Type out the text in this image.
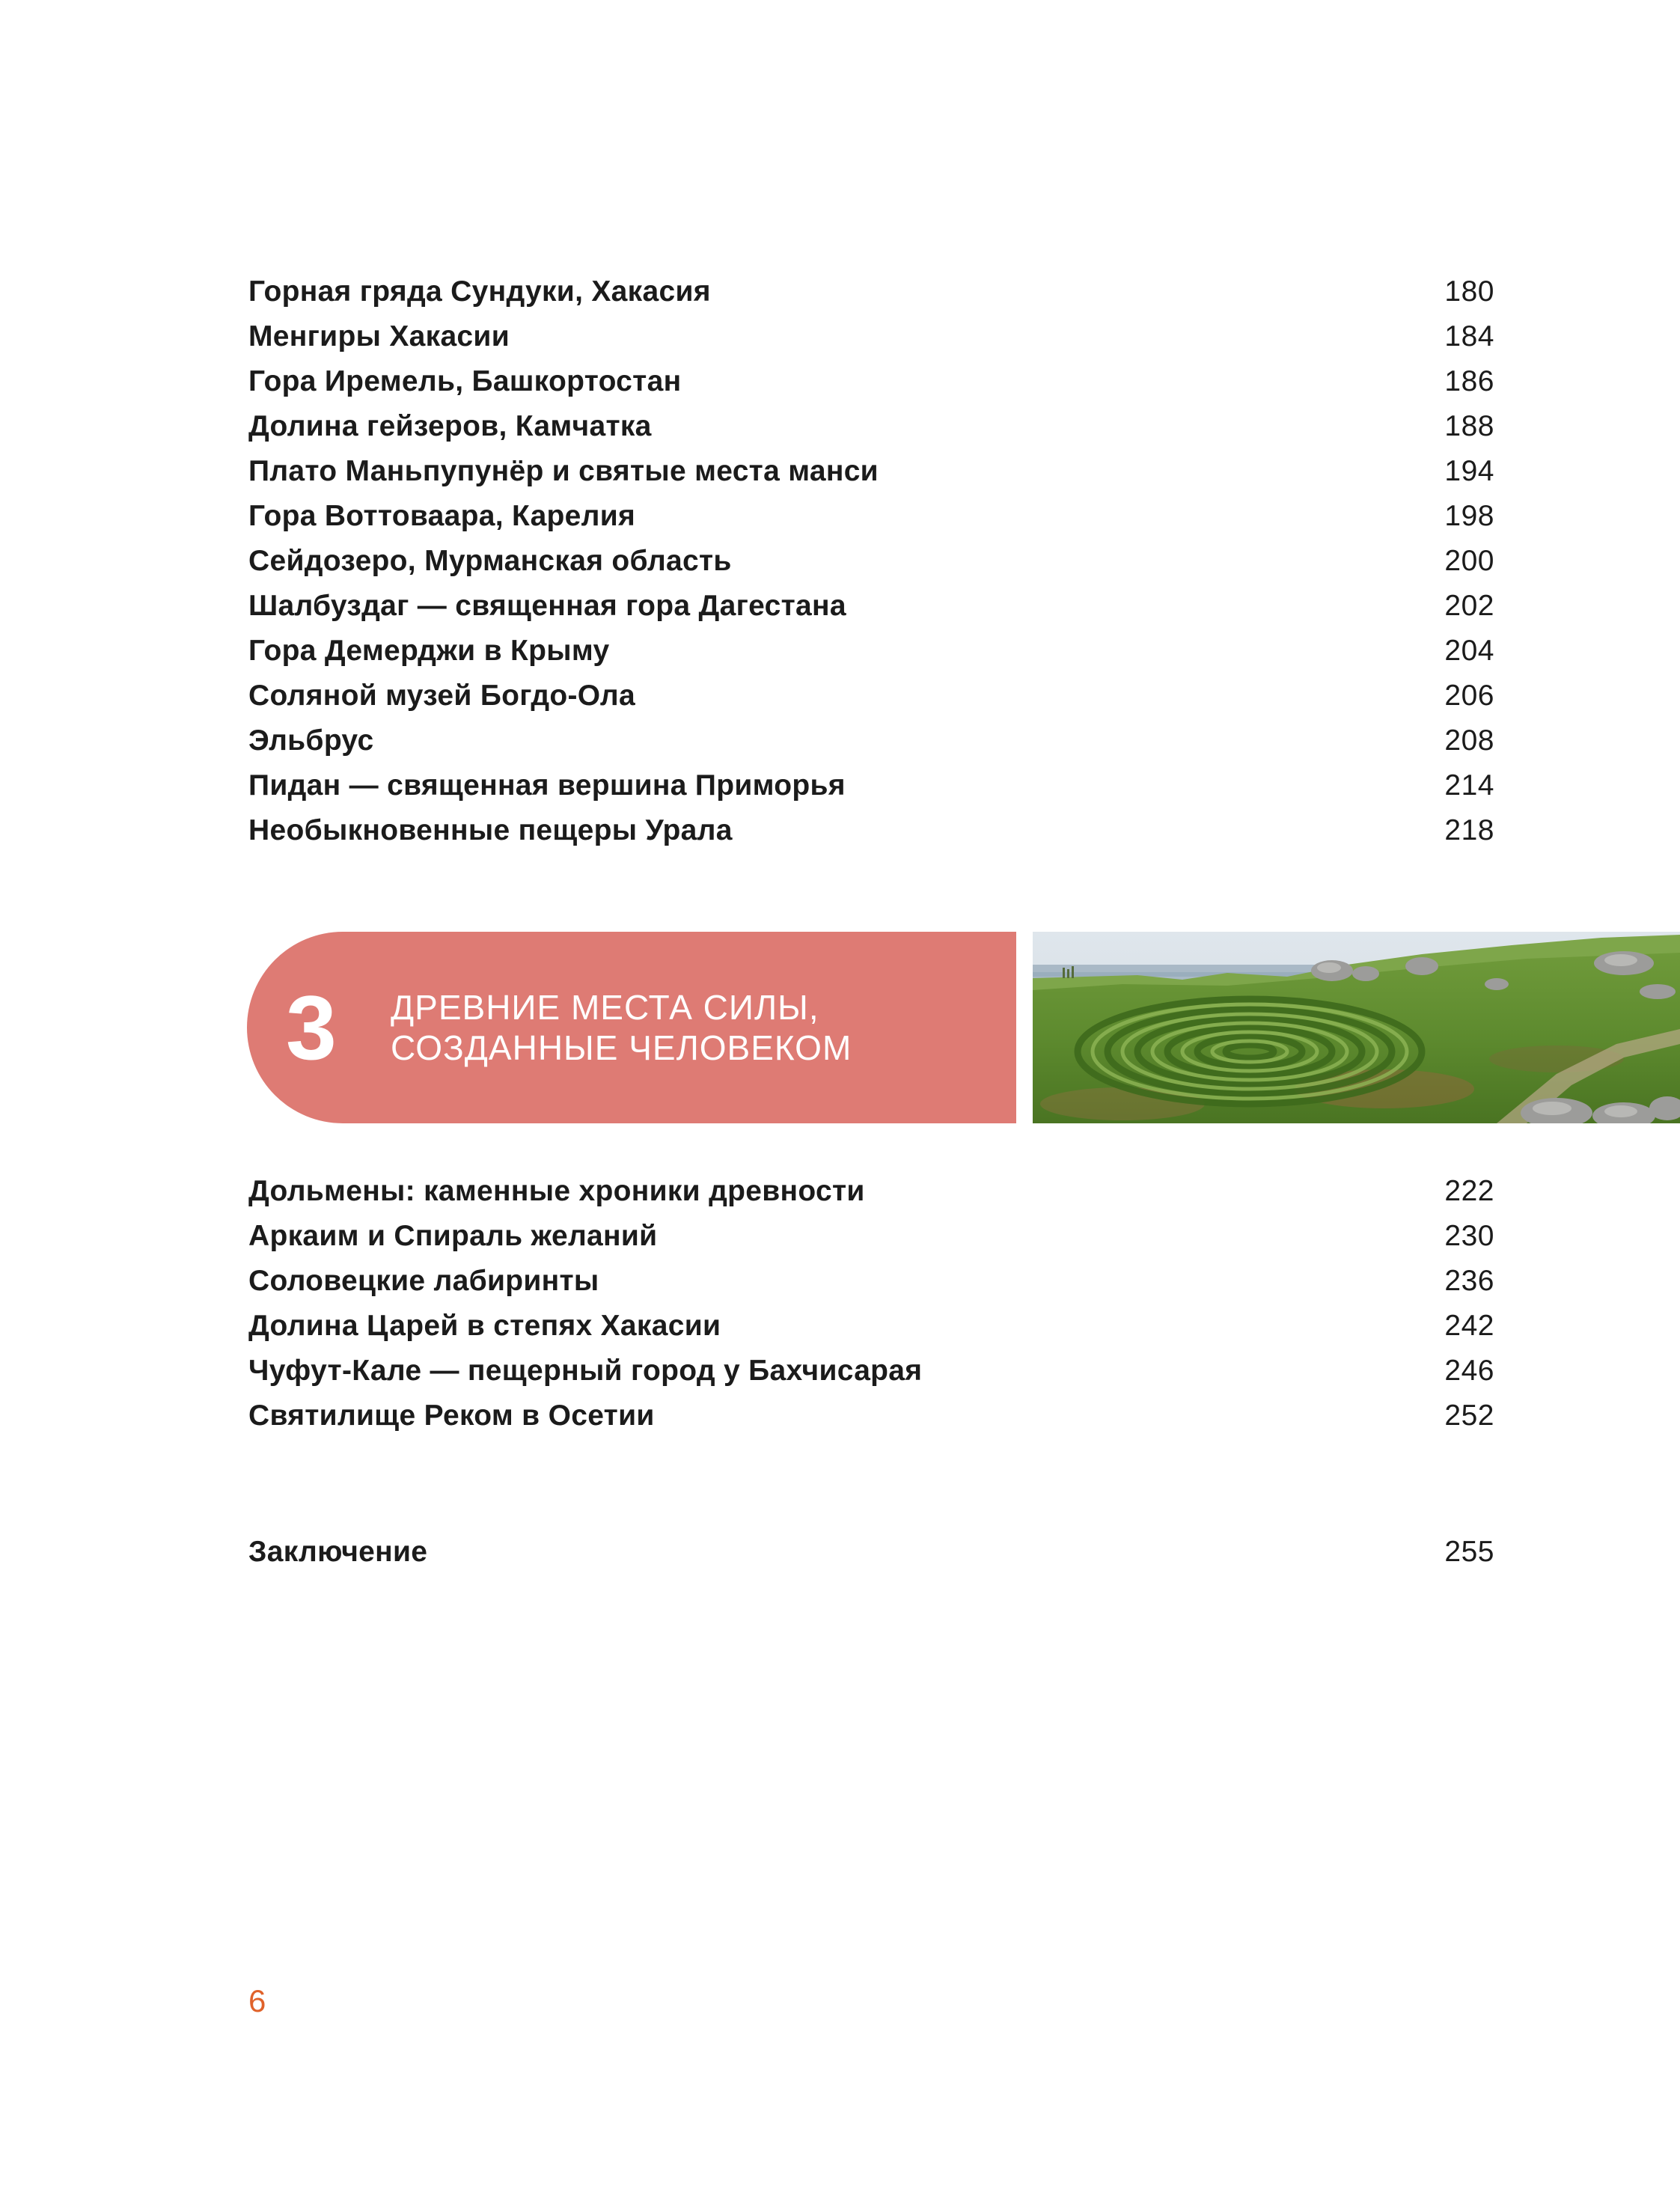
Горная гряда Сундуки, Хакасия	180
Менгиры Хакасии	184
Гора Иремель, Башкортостан	186
Долина гейзеров, Камчатка	188
Плато Маньпупунёр и святые места манси	194
Гора Воттоваара, Карелия	198
Сейдозеро, Мурманская область	200
Шалбуздаг — священная гора Дагестана	202
Гора Демерджи в Крыму	204
Соляной музей Богдо-Ола	206
Эльбрус	208
Пидан — священная вершина Приморья	214
Необыкновенные пещеры Урала	218
3	ДРЕВНИЕ МЕСТА СИЛЫ,
СОЗДАННЫЕ ЧЕЛОВЕКОМ
Дольмены: каменные хроники древности	222
Аркаим и Спираль желаний	230
Соловецкие лабиринты	236
Долина Царей в степях Хакасии	242
Чуфут-Кале — пещерный город у Бахчисарая	246
Святилище Реком в Осетии	252
Заключение	255
6
